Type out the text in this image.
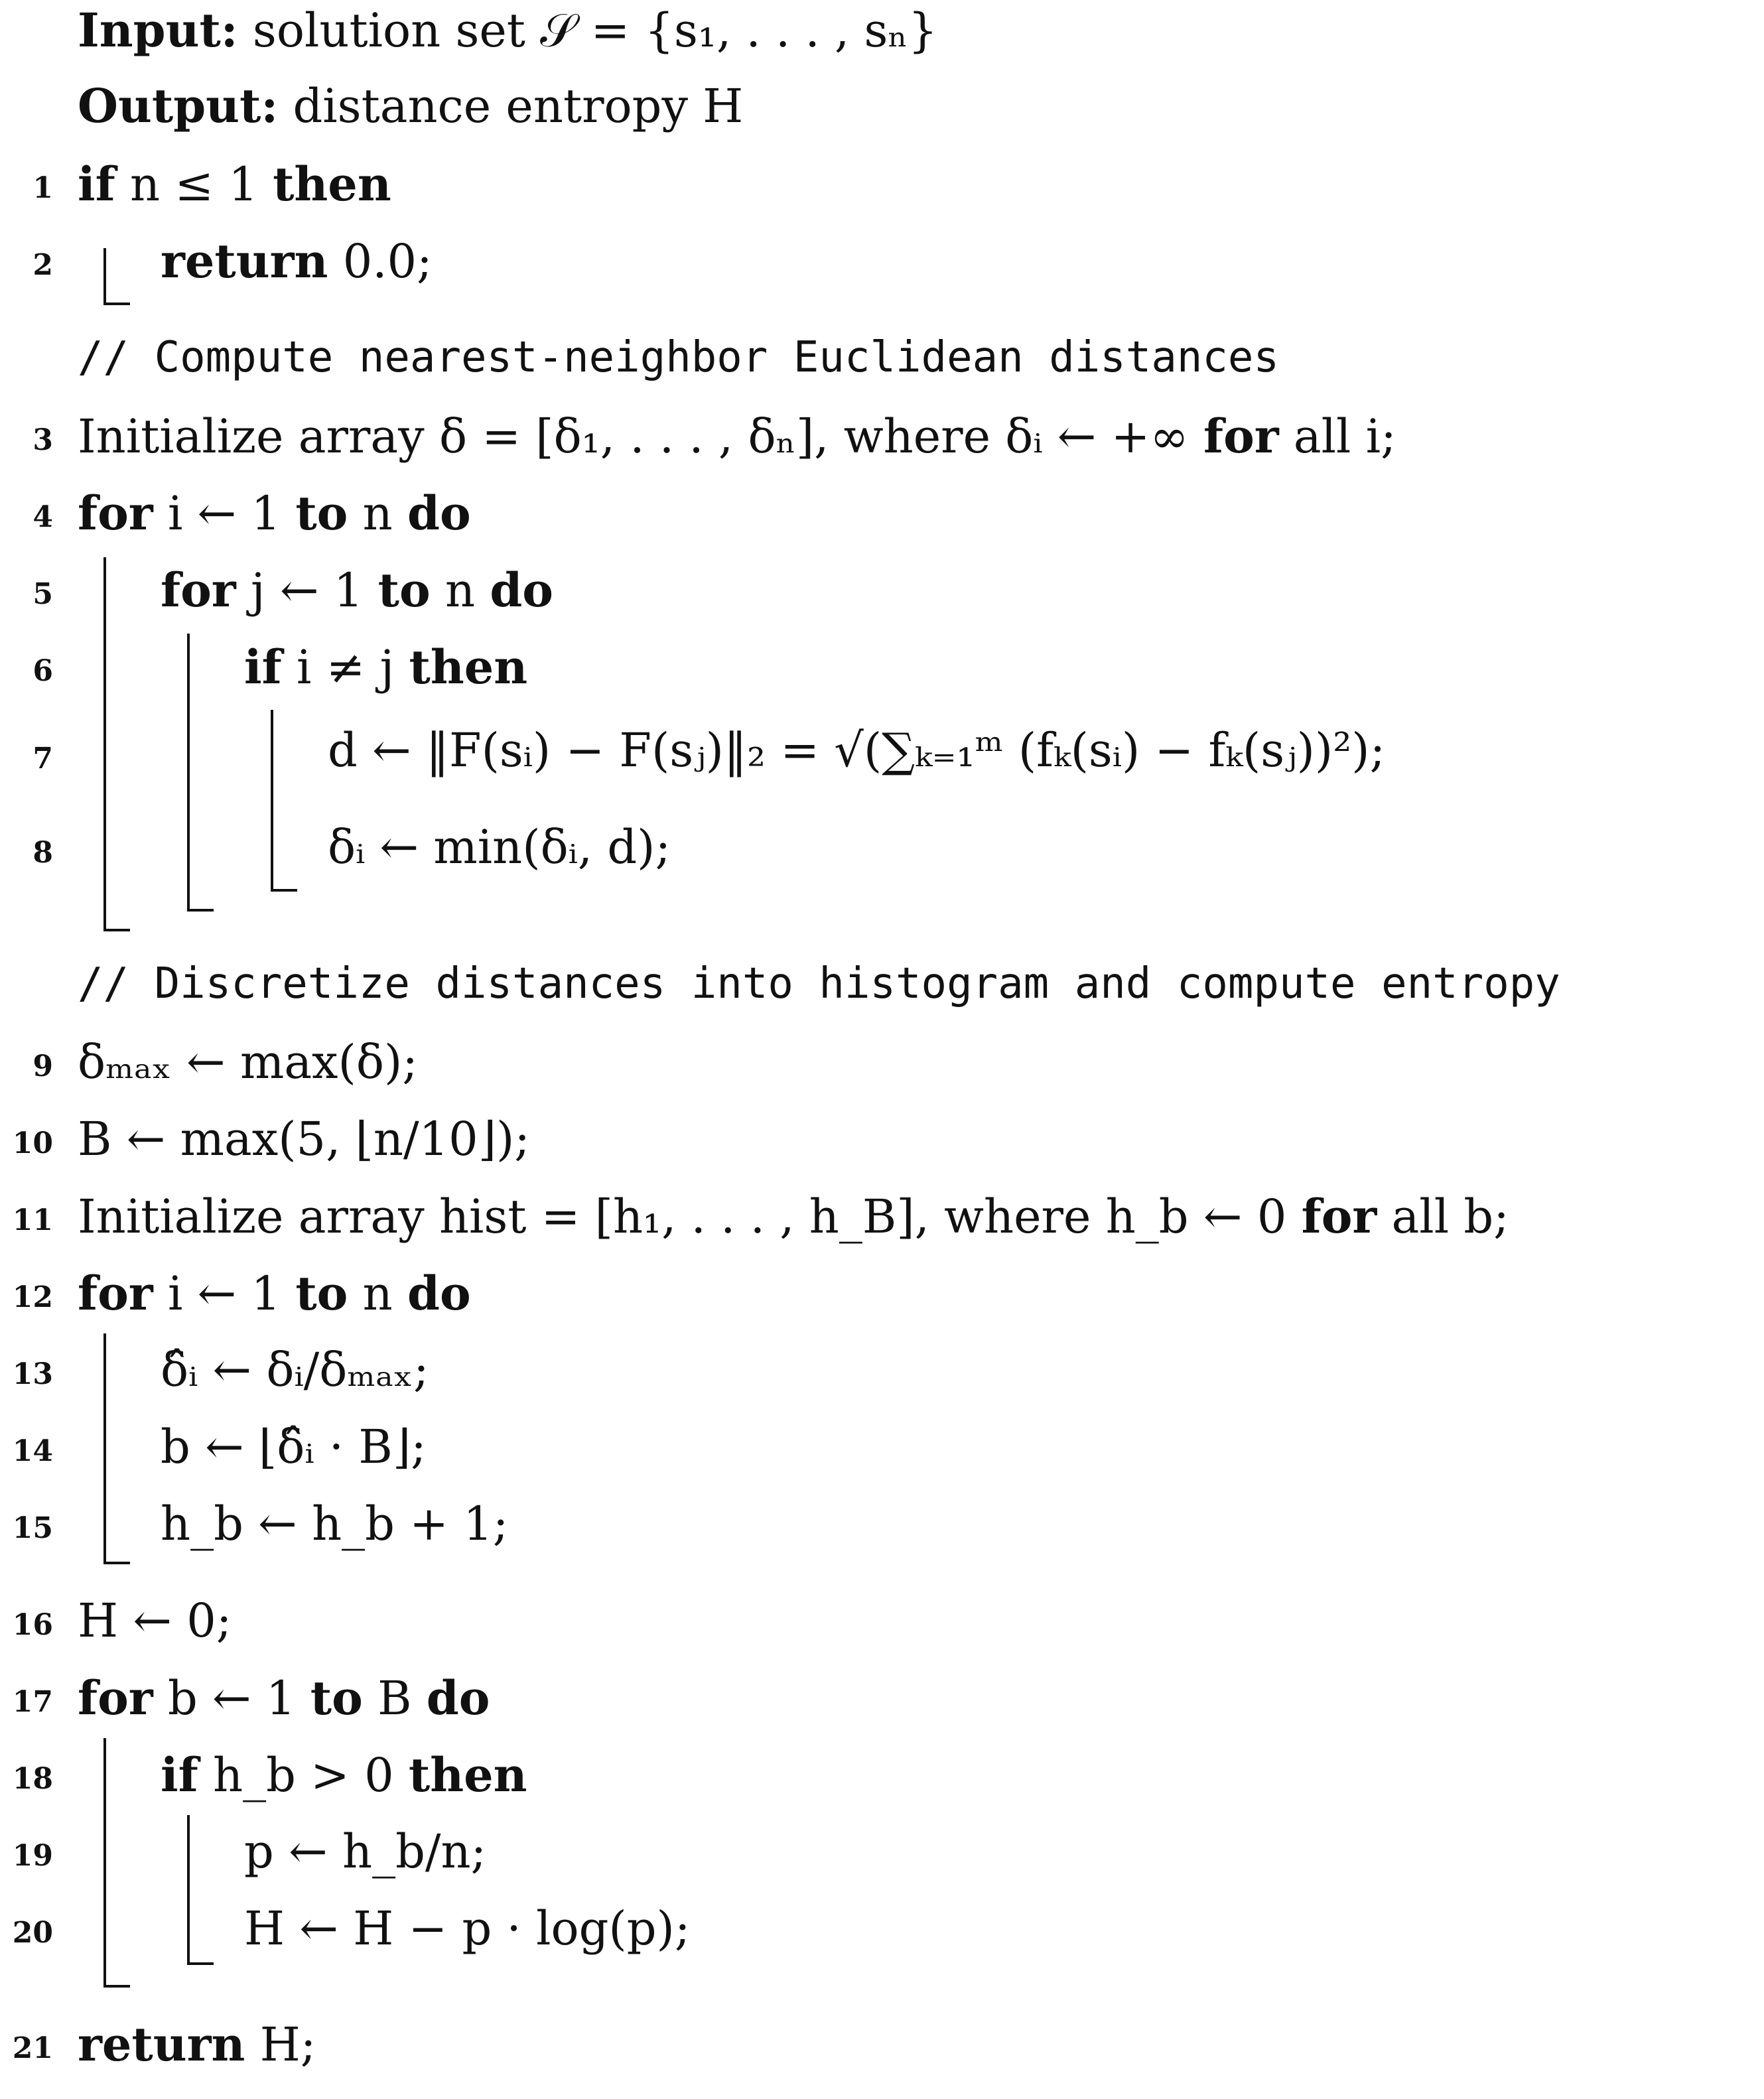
Input: solution set 𝒮 = {s₁, . . . , sₙ}
Output: distance entropy H
1 if n ≤ 1 then
2 return 0.0;
// Compute nearest-neighbor Euclidean distances
3 Initialize array δ = [δ₁, . . . , δₙ], where δᵢ ← +∞ for all i;
4 for i ← 1 to n do
5 for j ← 1 to n do
6	if i ≠ j then
7	d ← ‖F(sᵢ) − F(sⱼ)‖₂ = √(∑ₖ₌₁ᵐ (fₖ(sᵢ) − fₖ(sⱼ))²);
8	δᵢ ← min(δᵢ, d);
// Discretize distances into histogram and compute entropy
9 δₘₐₓ ← max(δ);
10 B ← max(5, ⌊n/10⌋);
11 Initialize array hist = [h₁, . . . , h_B], where h_b ← 0 for all b;
12 for i ← 1 to n do
13 δ̂ᵢ ← δᵢ/δₘₐₓ;
14 b ← ⌊δ̂ᵢ · B⌋;
15 h_b ← h_b + 1;
16 H ← 0;
17 for b ← 1 to B do
18 if h_b > 0 then
19	p ← h_b/n;
20	H ← H − p · log(p);
21 return H;
